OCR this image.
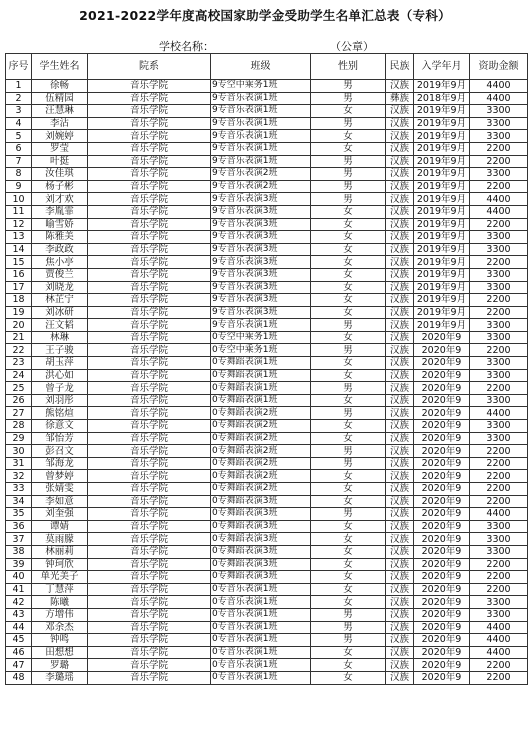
2021-2022学年度高校国家助学金受助学生名单汇总表（专科）
学校名称：	（公章）
序号	学生姓名	院系	班级	性别	民族	入学年月	资助金额
1	徐畅	音乐学院	9专空中乘务1班	男	汉族	2019年9月	4400
2	伍精园	音乐学院	9专音乐表演1班	男	彝族	2018年9月	4400
3	汪慧琳	音乐学院	9专音乐表演1班	女	汉族	2019年9月	3300
4	李沾	音乐学院	9专音乐表演1班	男	汉族	2019年9月	3300
5	刘婉婷	音乐学院	9专音乐表演1班	女	汉族	2019年9月	3300
6	罗莹	音乐学院	9专音乐表演1班	女	汉族	2019年9月	2200
7	叶挺	音乐学院	9专音乐表演1班	男	汉族	2019年9月	2200
8	汝佳琪	音乐学院	9专音乐表演2班	男	汉族	2019年9月	3300
9	杨子彬	音乐学院	9专音乐表演2班	男	汉族	2019年9月	2200
10	刘才欢	音乐学院	9专音乐表演3班	男	汉族	2019年9月	4400
11	李胤霏	音乐学院	9专音乐表演3班	女	汉族	2019年9月	4400
12	喻雪娇	音乐学院	9专音乐表演3班	女	汉族	2019年9月	2200
13	陈雅美	音乐学院	9专音乐表演3班	女	汉族	2019年9月	3300
14	李政政	音乐学院	9专音乐表演3班	女	汉族	2019年9月	3300
15	焦小亭	音乐学院	9专音乐表演3班	女	汉族	2019年9月	2200
16	贾俊兰	音乐学院	9专音乐表演3班	女	汉族	2019年9月	3300
17	刘晓龙	音乐学院	9专音乐表演3班	女	汉族	2019年9月	3300
18	林芷宁	音乐学院	9专音乐表演3班	女	汉族	2019年9月	2200
19	刘冰研	音乐学院	9专音乐表演3班	女	汉族	2019年9月	2200
20	汪文韬	音乐学院	9专音乐表演1班	男	汉族	2019年9月	3300
21	林琳	音乐学院	0专空中乘务1班	女	汉族	2020年9	3300
22	王子骏	音乐学院	0专空中乘务1班	男	汉族	2020年9	2200
23	胡玉萍	音乐学院	0专舞蹈表演1班	女	汉族	2020年9	3300
24	洪心如	音乐学院	0专舞蹈表演1班	女	汉族	2020年9	3300
25	曾子龙	音乐学院	0专舞蹈表演1班	男	汉族	2020年9	2200
26	刘羽彤	音乐学院	0专舞蹈表演1班	女	汉族	2020年9	3300
27	熊铭煊	音乐学院	0专舞蹈表演2班	男	汉族	2020年9	4400
28	徐意文	音乐学院	0专舞蹈表演2班	女	汉族	2020年9	3300
29	邹怡芳	音乐学院	0专舞蹈表演2班	女	汉族	2020年9	3300
30	彭召文	音乐学院	0专舞蹈表演2班	男	汉族	2020年9	2200
31	邹海龙	音乐学院	0专舞蹈表演2班	男	汉族	2020年9	2200
32	曾梦婷	音乐学院	0专舞蹈表演2班	女	汉族	2020年9	2200
33	张婧雯	音乐学院	0专舞蹈表演2班	女	汉族	2020年9	2200
34	李如意	音乐学院	0专舞蹈表演3班	女	汉族	2020年9	2200
35	刘奎强	音乐学院	0专舞蹈表演3班	男	汉族	2020年9	4400
36	谭婧	音乐学院	0专舞蹈表演3班	女	汉族	2020年9	3300
37	莫雨朦	音乐学院	0专舞蹈表演3班	女	汉族	2020年9	3300
38	林丽莉	音乐学院	0专舞蹈表演3班	女	汉族	2020年9	3300
39	钟珂欣	音乐学院	0专舞蹈表演3班	女	汉族	2020年9	2200
40	单光美子	音乐学院	0专舞蹈表演3班	女	汉族	2020年9	2200
41	丁慧萍	音乐学院	0专音乐表演1班	女	汉族	2020年9	2200
42	陈曦	音乐学院	0专音乐表演1班	女	汉族	2020年9	3300
43	方增伟	音乐学院	0专音乐表演1班	男	汉族	2020年9	3300
44	邓余杰	音乐学院	0专音乐表演1班	男	汉族	2020年9	4400
45	钟鸣	音乐学院	0专音乐表演1班	男	汉族	2020年9	4400
46	田想想	音乐学院	0专音乐表演1班	女	汉族	2020年9	4400
47	罗璐	音乐学院	0专音乐表演1班	女	汉族	2020年9	2200
48	李璐瑶	音乐学院	0专音乐表演1班	女	汉族	2020年9	2200
